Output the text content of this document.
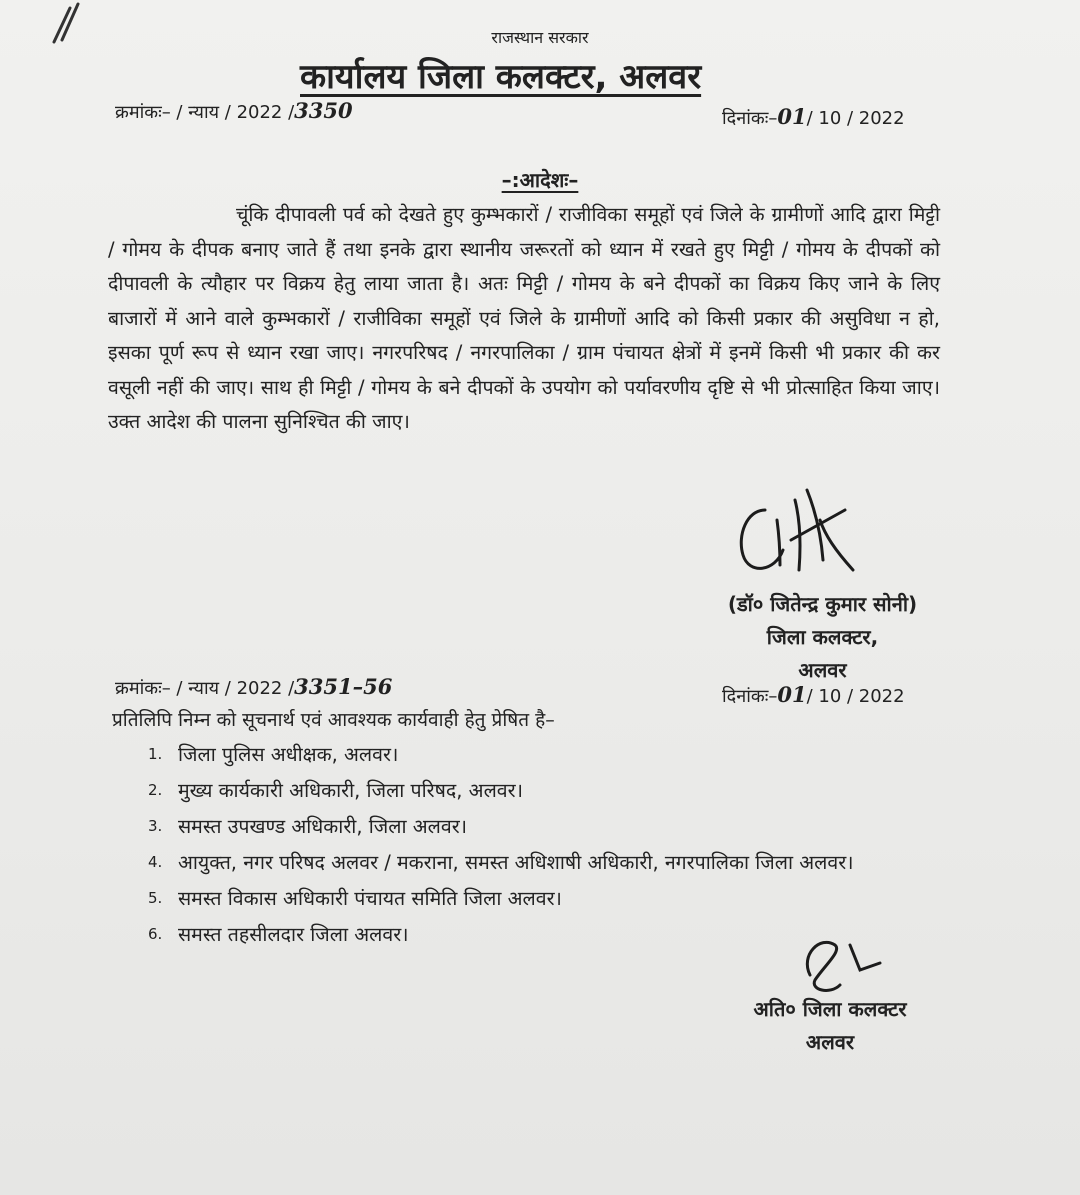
राजस्थान सरकार
कार्यालय जिला कलक्टर, अलवर
क्रमांकः– / न्याय / 2022 /3350	दिनांकः–01/ 10 / 2022
–:आदेशः–

चूंकि दीपावली पर्व को देखते हुए कुम्भकारों / राजीविका समूहों एवं जिले के ग्रामीणों आदि द्वारा मिट्टी / गोमय के दीपक बनाए जाते हैं तथा इनके द्वारा स्थानीय जरूरतों को ध्यान में रखते हुए मिट्टी / गोमय के दीपकों को दीपावली के त्यौहार पर विक्रय हेतु लाया जाता है। अतः मिट्टी / गोमय के बने दीपकों का विक्रय किए जाने के लिए बाजारों में आने वाले कुम्भकारों / राजीविका समूहों एवं जिले के ग्रामीणों आदि को किसी प्रकार की असुविधा न हो, इसका पूर्ण रूप से ध्यान रखा जाए। नगरपरिषद / नगरपालिका / ग्राम पंचायत क्षेत्रों में इनमें किसी भी प्रकार की कर वसूली नहीं की जाए। साथ ही मिट्टी / गोमय के बने दीपकों के उपयोग को पर्यावरणीय दृष्टि से भी प्रोत्साहित किया जाए। उक्त आदेश की पालना सुनिश्चित की जाए।

(डॉ० जितेन्द्र कुमार सोनी)
जिला कलक्टर,
अलवर
क्रमांकः– / न्याय / 2022 /3351–56	दिनांकः–01/ 10 / 2022
प्रतिलिपि निम्न को सूचनार्थ एवं आवश्यक कार्यवाही हेतु प्रेषित है–
1. जिला पुलिस अधीक्षक, अलवर।
2. मुख्य कार्यकारी अधिकारी, जिला परिषद, अलवर।
3. समस्त उपखण्ड अधिकारी, जिला अलवर।
4. आयुक्त, नगर परिषद अलवर / मकराना, समस्त अधिशाषी अधिकारी, नगरपालिका जिला अलवर।
5. समस्त विकास अधिकारी पंचायत समिति जिला अलवर।
6. समस्त तहसीलदार जिला अलवर।
अति० जिला कलक्टर
अलवर
